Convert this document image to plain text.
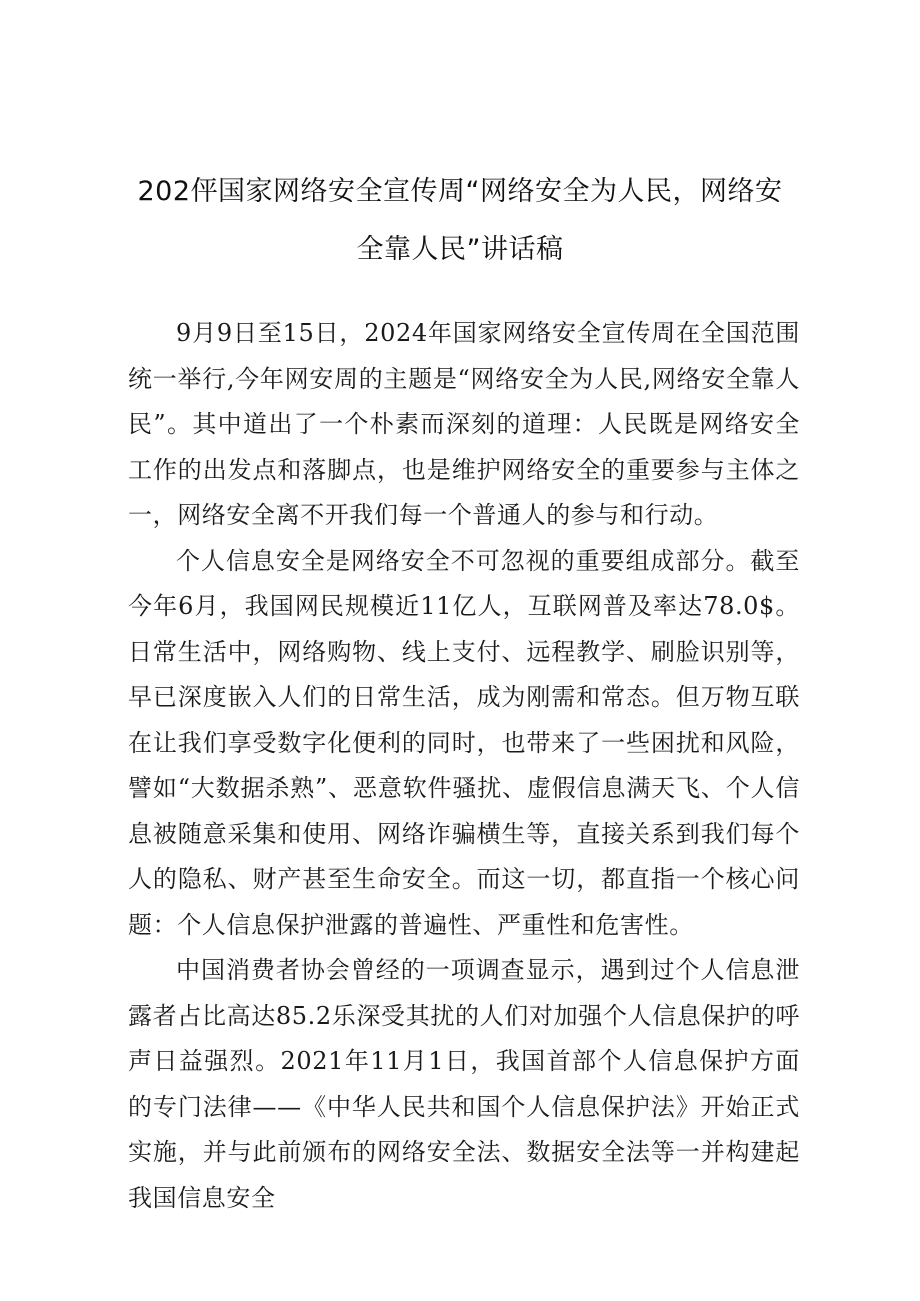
202伻国家网络安全宣传周“网络安全为人民，网络安
全靠人民”讲话稿

9月9日至15日，2024年国家网络安全宣传周在全国范围统一举行,今年网安周的主题是“网络安全为人民,网络安全靠人民”。其中道出了一个朴素而深刻的道理：人民既是网络安全工作的出发点和落脚点，也是维护网络安全的重要参与主体之一，网络安全离不开我们每一个普通人的参与和行动。

个人信息安全是网络安全不可忽视的重要组成部分。截至今年6月，我国网民规模近11亿人，互联网普及率达78.0$。日常生活中，网络购物、线上支付、远程教学、刷脸识别等，早已深度嵌入人们的日常生活，成为刚需和常态。但万物互联在让我们享受数字化便利的同时，也带来了一些困扰和风险，譬如“大数据杀熟”、恶意软件骚扰、虚假信息满天飞、个人信息被随意采集和使用、网络诈骗横生等，直接关系到我们每个人的隐私、财产甚至生命安全。而这一切，都直指一个核心问题：个人信息保护泄露的普遍性、严重性和危害性。

中国消费者协会曾经的一项调查显示，遇到过个人信息泄露者占比高达85.2乐深受其扰的人们对加强个人信息保护的呼声日益强烈。2021年11月1日，我国首部个人信息保护方面的专门法律——《中华人民共和国个人信息保护法》开始正式实施，并与此前颁布的网络安全法、数据安全法等一并构建起我国信息安全
